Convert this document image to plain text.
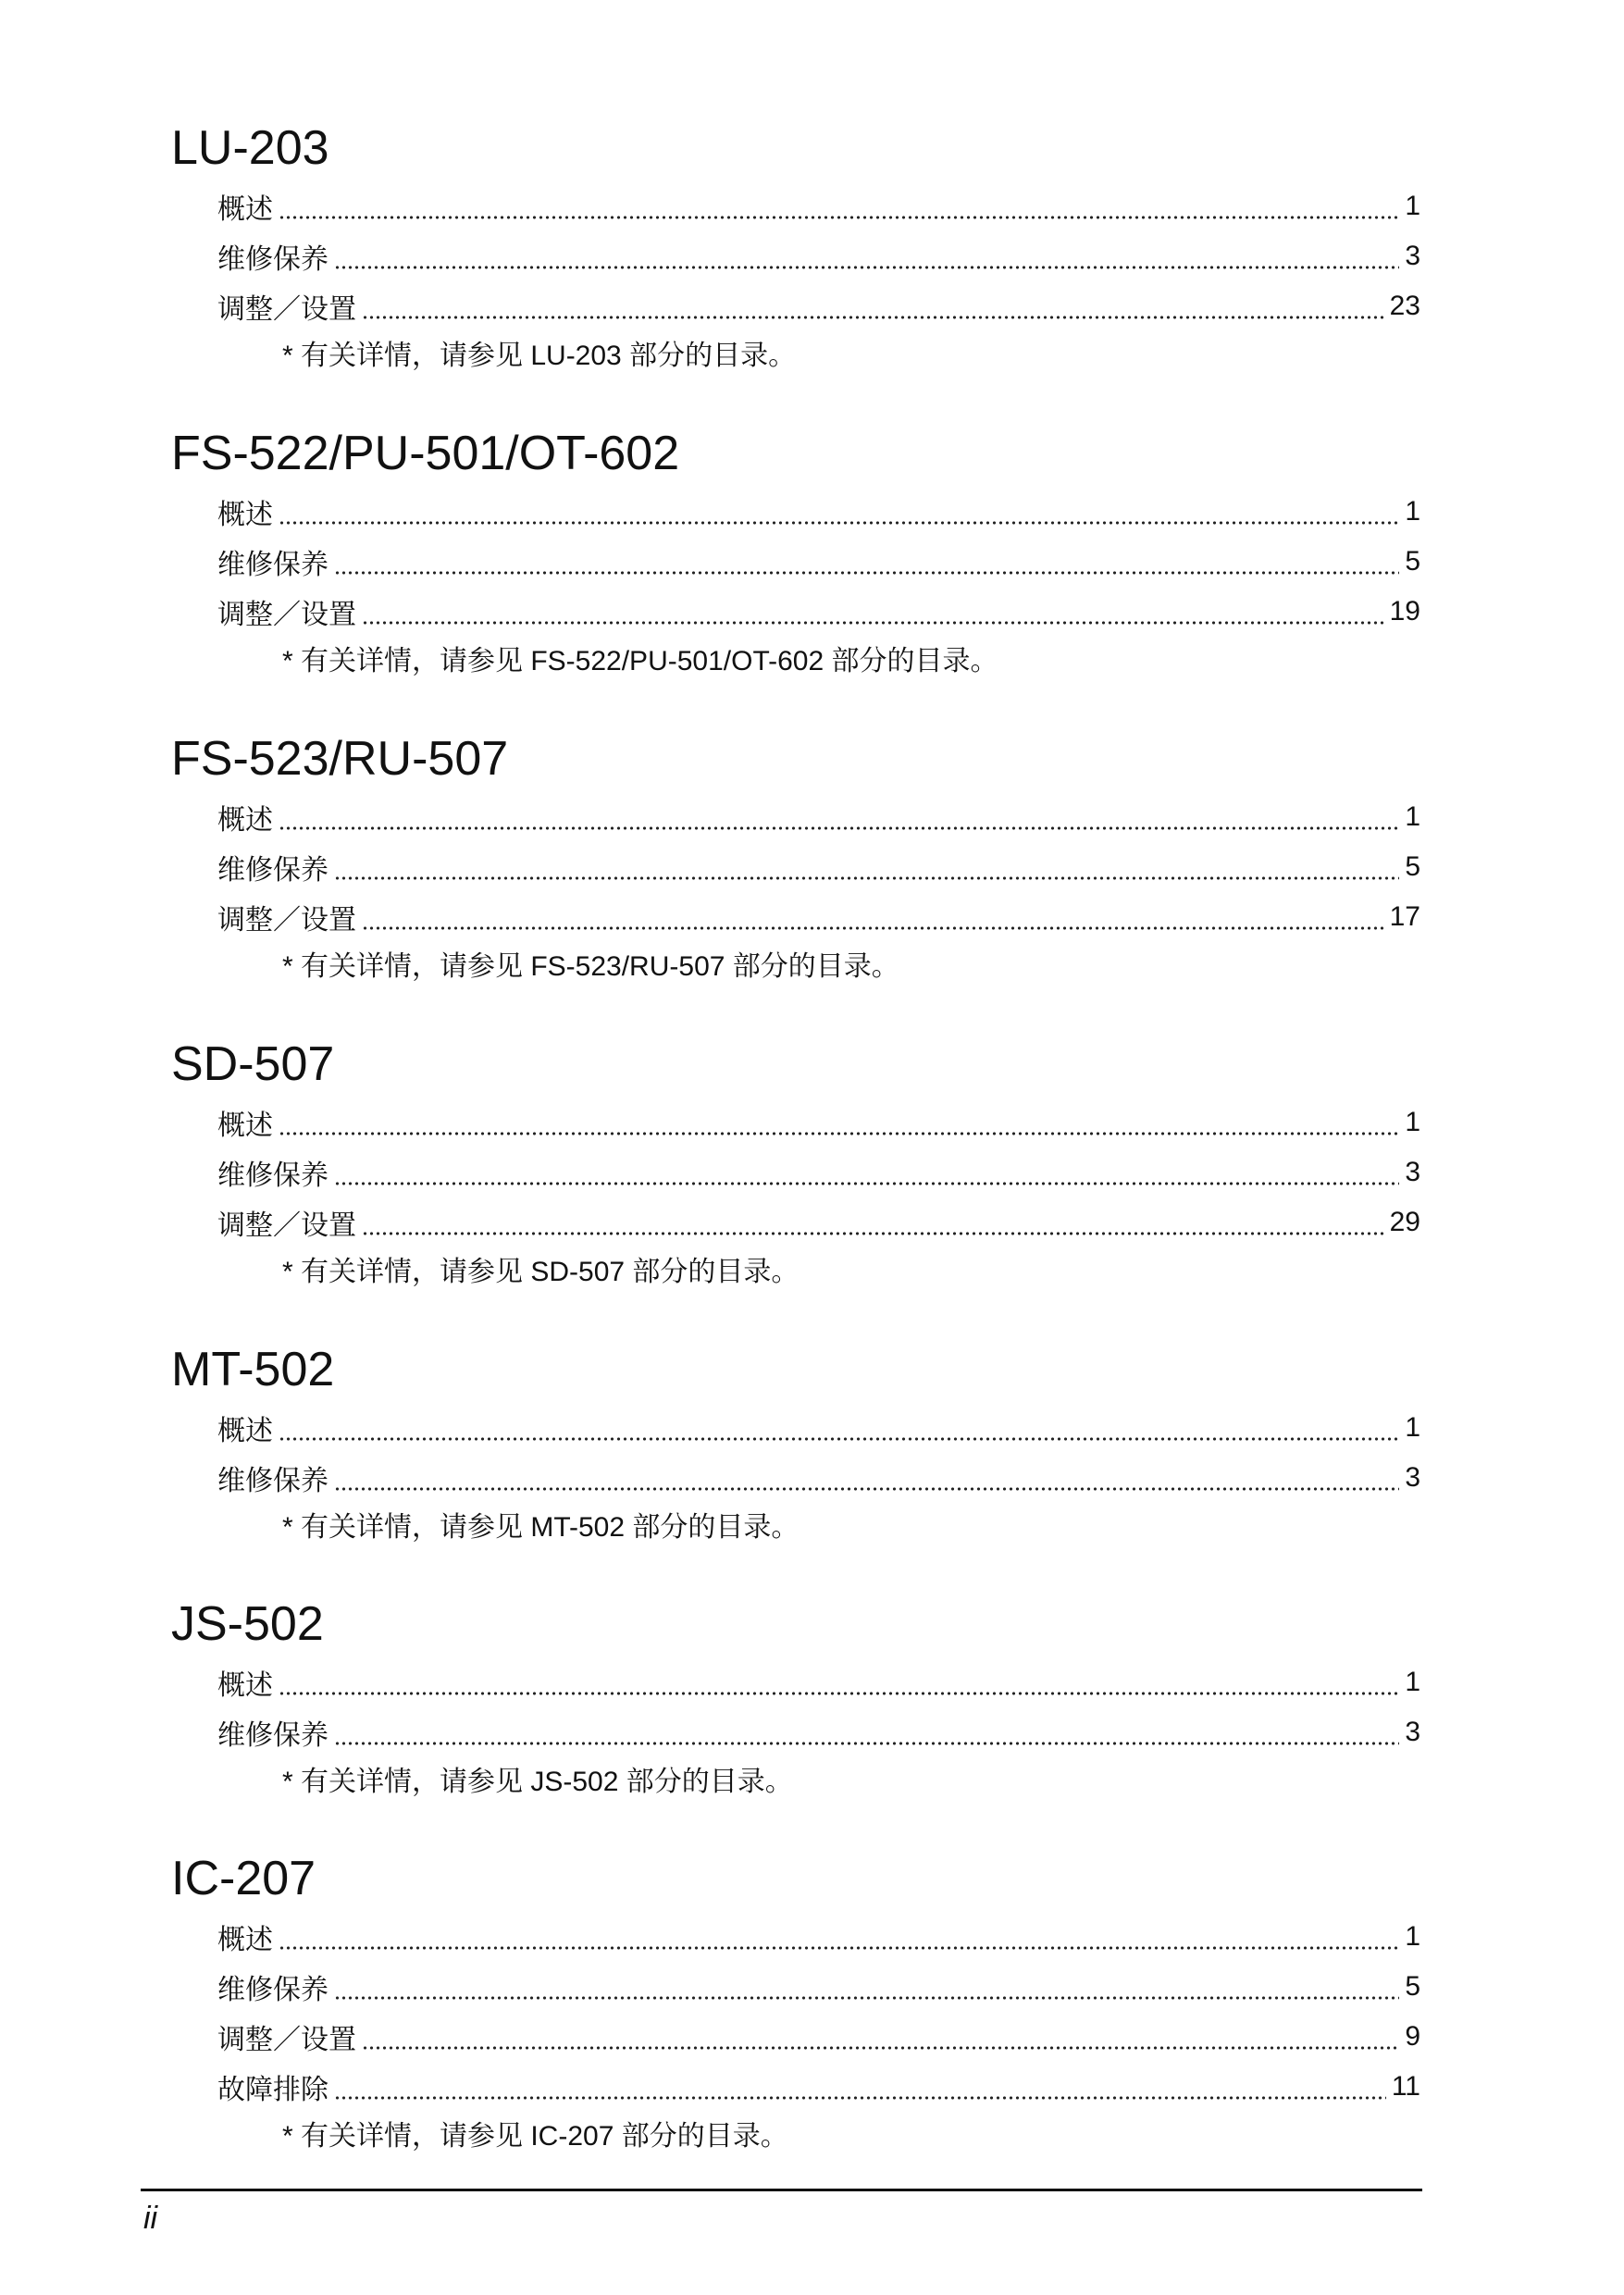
LU-203
概述	1
维修保养	3
调整／设置	23
* 有关详情，请参见 LU-203 部分的目录。
FS-522/PU-501/OT-602
概述	1
维修保养	5
调整／设置	19
* 有关详情，请参见 FS-522/PU-501/OT-602 部分的目录。
FS-523/RU-507
概述	1
维修保养	5
调整／设置	17
* 有关详情，请参见 FS-523/RU-507 部分的目录。
SD-507
概述	1
维修保养	3
调整／设置	29
* 有关详情，请参见 SD-507 部分的目录。
MT-502
概述	1
维修保养	3
* 有关详情，请参见 MT-502 部分的目录。
JS-502
概述	1
维修保养	3
* 有关详情，请参见 JS-502 部分的目录。
IC-207
概述	1
维修保养	5
调整／设置	9
故障排除	11
* 有关详情，请参见 IC-207 部分的目录。
ii
